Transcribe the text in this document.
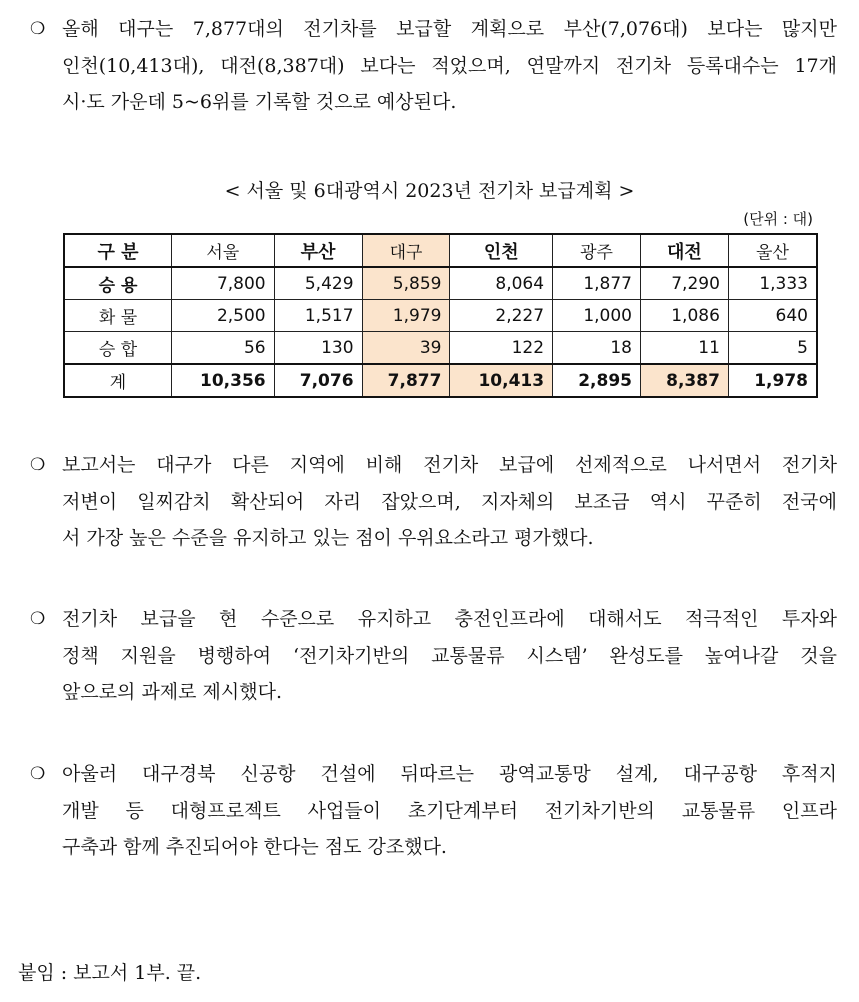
❍ 올해 대구는 7,877대의 전기차를 보급할 계획으로 부산(7,076대) 보다는 많지만
인천(10,413대), 대전(8,387대) 보다는 적었으며, 연말까지 전기차 등록대수는 17개
시·도 가운데 5~6위를 기록할 것으로 예상된다.
< 서울 및 6대광역시 2023년 전기차 보급계획 >
(단위 : 대)
구 분	서울	부산	대구	인천	광주	대전	울산
승 용	7,800	5,429	5,859	8,064	1,877	7,290	1,333
화 물	2,500	1,517	1,979	2,227	1,000	1,086	640
승 합	56	130	39	122	18	11	5
계	10,356	7,076	7,877	10,413	2,895	8,387	1,978
❍ 보고서는 대구가 다른 지역에 비해 전기차 보급에 선제적으로 나서면서 전기차
저변이 일찌감치 확산되어 자리 잡았으며, 지자체의 보조금 역시 꾸준히 전국에
서 가장 높은 수준을 유지하고 있는 점이 우위요소라고 평가했다.
❍ 전기차 보급을 현 수준으로 유지하고 충전인프라에 대해서도 적극적인 투자와
정책 지원을 병행하여 ‘전기차기반의 교통물류 시스템’ 완성도를 높여나갈 것을
앞으로의 과제로 제시했다.
❍ 아울러 대구경북 신공항 건설에 뒤따르는 광역교통망 설계, 대구공항 후적지
개발 등 대형프로젝트 사업들이 초기단계부터 전기차기반의 교통물류 인프라
구축과 함께 추진되어야 한다는 점도 강조했다.
붙임 : 보고서 1부. 끝.
